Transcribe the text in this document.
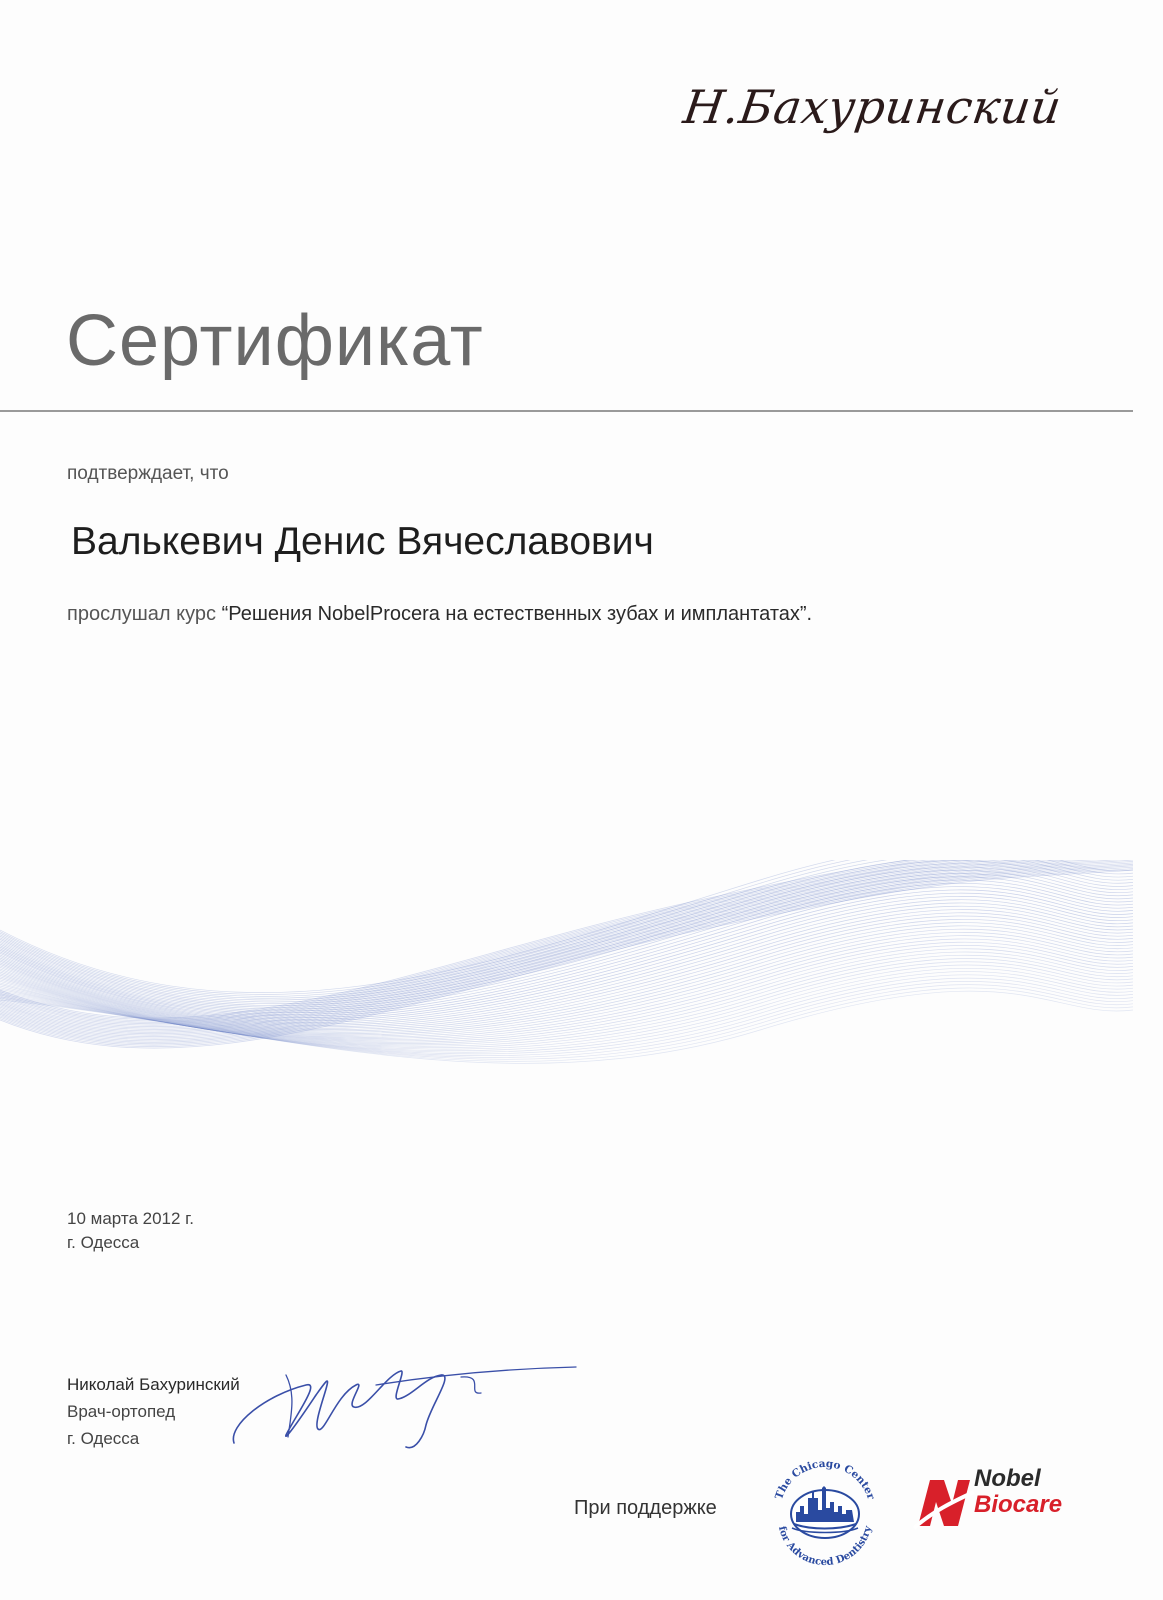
Н.Бахуринский
Сертификат
подтверждает, что
Валькевич Денис Вячеславович
прослушал курс “Решения NobelProcera на естественных зубах и имплантатах”.
10 марта 2012 г.
г. Одесса
Николай Бахуринский
Врач-ортопед
г. Одесса
При поддержке
The Chicago Center
for Advanced Dentistry
Nobel
Biocare
